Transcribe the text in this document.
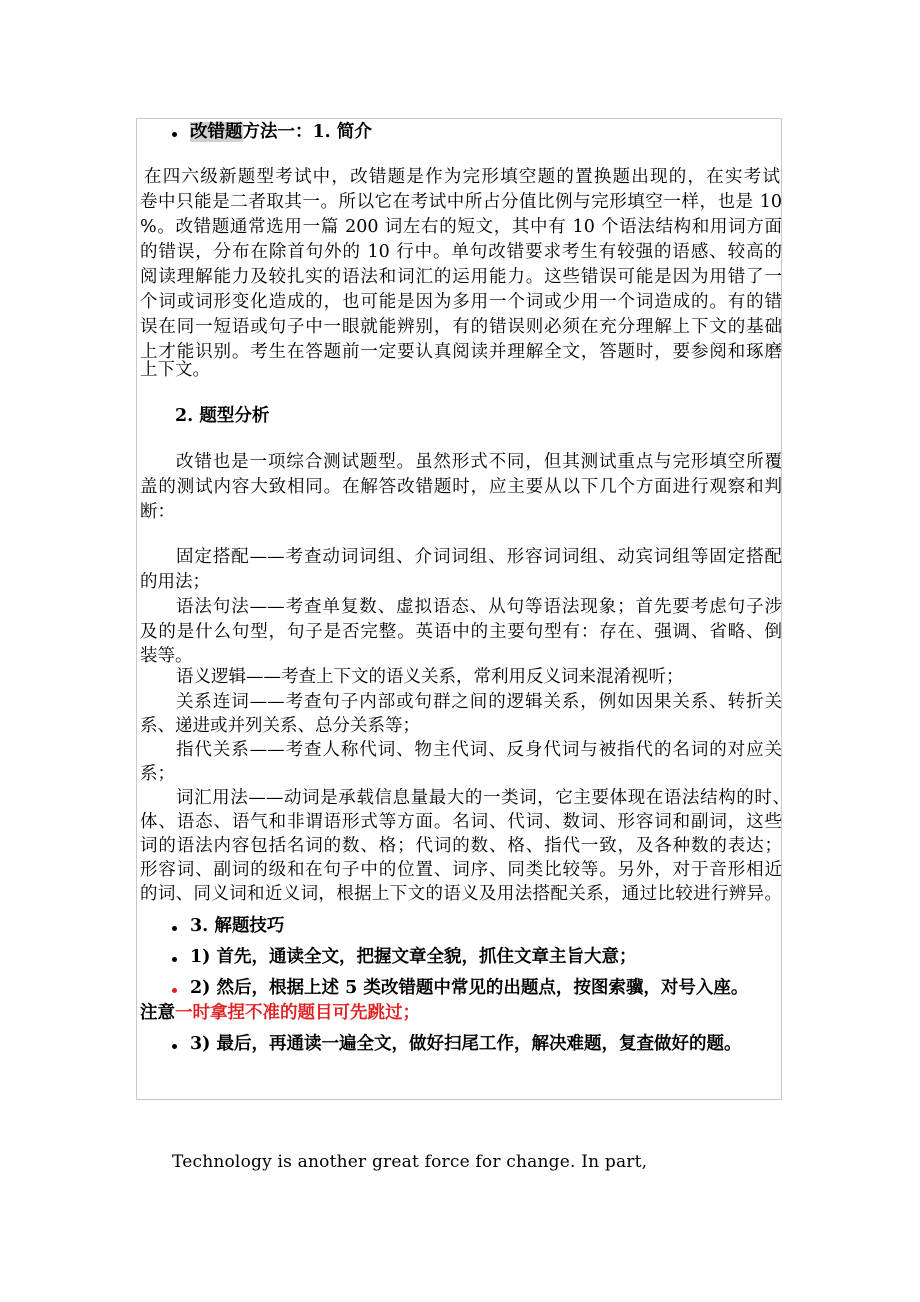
改错题方法一：1. 简介
在四六级新题型考试中，改错题是作为完形填空题的置换题出现的，在实考试
卷中只能是二者取其一。所以它在考试中所占分值比例与完形填空一样，也是 10
%。改错题通常选用一篇 200 词左右的短文，其中有 10 个语法结构和用词方面
的错误，分布在除首句外的 10 行中。单句改错要求考生有较强的语感、较高的
阅读理解能力及较扎实的语法和词汇的运用能力。这些错误可能是因为用错了一
个词或词形变化造成的，也可能是因为多用一个词或少用一个词造成的。有的错
误在同一短语或句子中一眼就能辨别，有的错误则必须在充分理解上下文的基础
上才能识别。考生在答题前一定要认真阅读并理解全文，答题时，要参阅和琢磨
上下文。
2. 题型分析
改错也是一项综合测试题型。虽然形式不同，但其测试重点与完形填空所覆
盖的测试内容大致相同。在解答改错题时，应主要从以下几个方面进行观察和判
断：
固定搭配——考查动词词组、介词词组、形容词词组、动宾词组等固定搭配
的用法；
语法句法——考查单复数、虚拟语态、从句等语法现象；首先要考虑句子涉
及的是什么句型，句子是否完整。英语中的主要句型有：存在、强调、省略、倒
装等。
语义逻辑——考查上下文的语义关系，常利用反义词来混淆视听；
关系连词——考查句子内部或句群之间的逻辑关系，例如因果关系、转折关
系、递进或并列关系、总分关系等；
指代关系——考查人称代词、物主代词、反身代词与被指代的名词的对应关
系；
词汇用法——动词是承载信息量最大的一类词，它主要体现在语法结构的时、
体、语态、语气和非谓语形式等方面。名词、代词、数词、形容词和副词，这些
词的语法内容包括名词的数、格；代词的数、格、指代一致，及各种数的表达；
形容词、副词的级和在句子中的位置、词序、同类比较等。另外，对于音形相近
的词、同义词和近义词，根据上下文的语义及用法搭配关系，通过比较进行辨异。
3. 解题技巧
1) 首先，通读全文，把握文章全貌，抓住文章主旨大意；
2) 然后，根据上述 5 类改错题中常见的出题点，按图索骥，对号入座。
注意一时拿捏不准的题目可先跳过；
3) 最后，再通读一遍全文，做好扫尾工作，解决难题，复查做好的题。
Technology is another great force for change. In part,
